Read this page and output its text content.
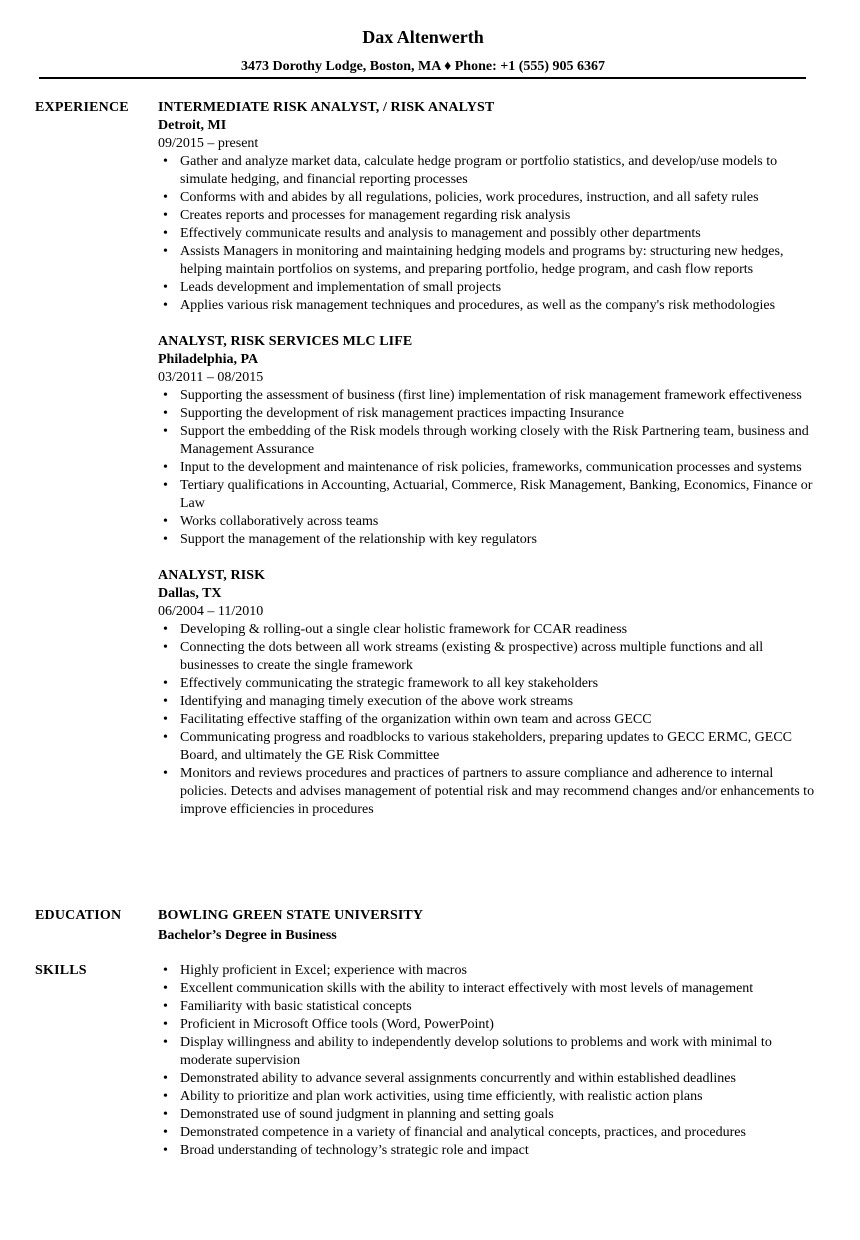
Dax Altenwerth
3473 Dorothy Lodge, Boston, MA ♦ Phone: +1 (555) 905 6367
EXPERIENCE INTERMEDIATE RISK ANALYST, / RISK ANALYST
Detroit, MI
09/2015 – present
• Gather and analyze market data, calculate hedge program or portfolio statistics, and develop/use models to simulate hedging, and financial reporting processes
• Conforms with and abides by all regulations, policies, work procedures, instruction, and all safety rules
• Creates reports and processes for management regarding risk analysis
• Effectively communicate results and analysis to management and possibly other departments
• Assists Managers in monitoring and maintaining hedging models and programs by: structuring new hedges, helping maintain portfolios on systems, and preparing portfolio, hedge program, and cash flow reports
• Leads development and implementation of small projects
• Applies various risk management techniques and procedures, as well as the company's risk methodologies
ANALYST, RISK SERVICES MLC LIFE
Philadelphia, PA
03/2011 – 08/2015
• Supporting the assessment of business (first line) implementation of risk management framework effectiveness
• Supporting the development of risk management practices impacting Insurance
• Support the embedding of the Risk models through working closely with the Risk Partnering team, business and Management Assurance
• Input to the development and maintenance of risk policies, frameworks, communication processes and systems
• Tertiary qualifications in Accounting, Actuarial, Commerce, Risk Management, Banking, Economics, Finance or Law
• Works collaboratively across teams
• Support the management of the relationship with key regulators
ANALYST, RISK
Dallas, TX
06/2004 – 11/2010
• Developing & rolling-out a single clear holistic framework for CCAR readiness
• Connecting the dots between all work streams (existing & prospective) across multiple functions and all businesses to create the single framework
• Effectively communicating the strategic framework to all key stakeholders
• Identifying and managing timely execution of the above work streams
• Facilitating effective staffing of the organization within own team and across GECC
• Communicating progress and roadblocks to various stakeholders, preparing updates to GECC ERMC, GECC Board, and ultimately the GE Risk Committee
• Monitors and reviews procedures and practices of partners to assure compliance and adherence to internal policies. Detects and advises management of potential risk and may recommend changes and/or enhancements to improve efficiencies in procedures
EDUCATION	BOWLING GREEN STATE UNIVERSITY
Bachelor’s Degree in Business
SKILLS
•	Highly proficient in Excel; experience with macros
• Excellent communication skills with the ability to interact effectively with most levels of management
• Familiarity with basic statistical concepts
• Proficient in Microsoft Office tools (Word, PowerPoint)
• Display willingness and ability to independently develop solutions to problems and work with minimal to moderate supervision
• Demonstrated ability to advance several assignments concurrently and within established deadlines
• Ability to prioritize and plan work activities, using time efficiently, with realistic action plans
• Demonstrated use of sound judgment in planning and setting goals
• Demonstrated competence in a variety of financial and analytical concepts, practices, and procedures
• Broad understanding of technology’s strategic role and impact
